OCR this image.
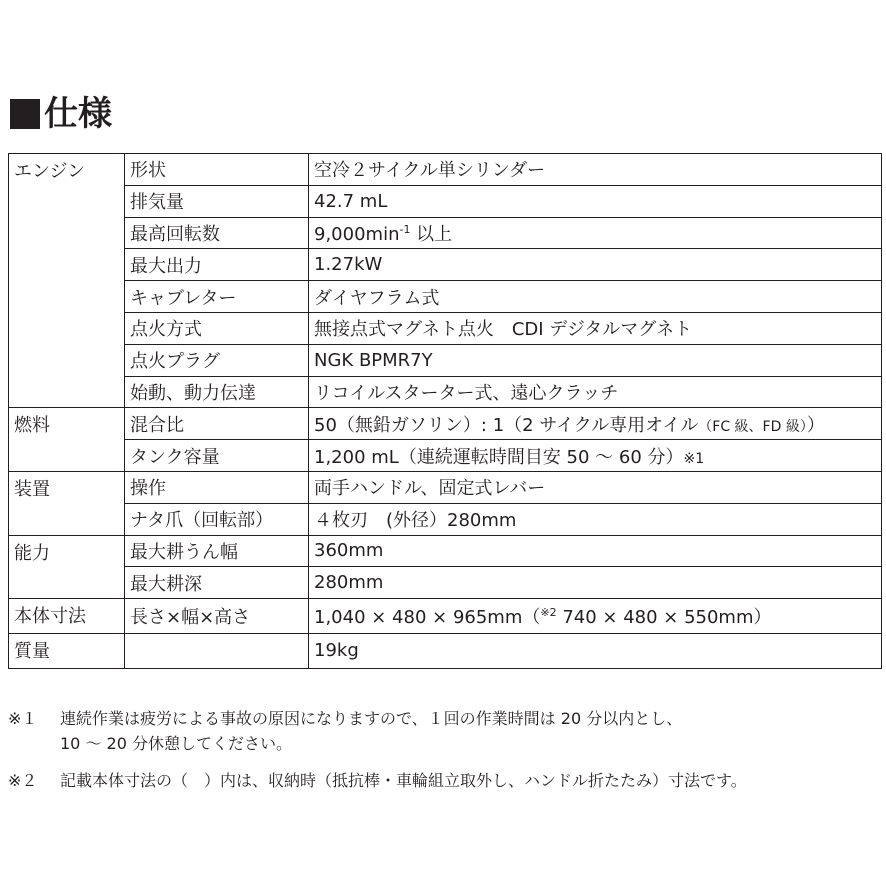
仕様
エンジン	形状	空冷２サイクル単シリンダー
	排気量	42.7 mL
	最高回転数	$9,000\min^{-1}$ 以上
	最大出力	1.27kW
	キャブレター	ダイヤフラム式
	点火方式	無接点式マグネト点火　CDI デジタルマグネト
	点火プラグ	NGK BPMR7Y
	始動、動力伝達	リコイルスターター式、遠心クラッチ
燃料	混合比	50（無鉛ガソリン）: 1（2 サイクル専用オイル（FC 級、FD 級））
	タンク容量	1,200 mL（連続運転時間目安 50 ～ 60 分）※1
装置	操作	両手ハンドル、固定式レバー
	ナタ爪（回転部）	４枚刃　(外径）280mm
能力	最大耕うん幅	360mm
	最大耕深	280mm
本体寸法	長さ×幅×高さ	1,040 × 480 × 965mm（$^{※2}$ 740 × 480 × 550mm）
質量		19kg
※１	連続作業は疲労による事故の原因になりますので、１回の作業時間は 20 分以内とし、
10 ～ 20 分休憩してください。
※２	記載本体寸法の（　）内は、収納時（抵抗棒・車輪組立取外し、ハンドル折たたみ）寸法です。
